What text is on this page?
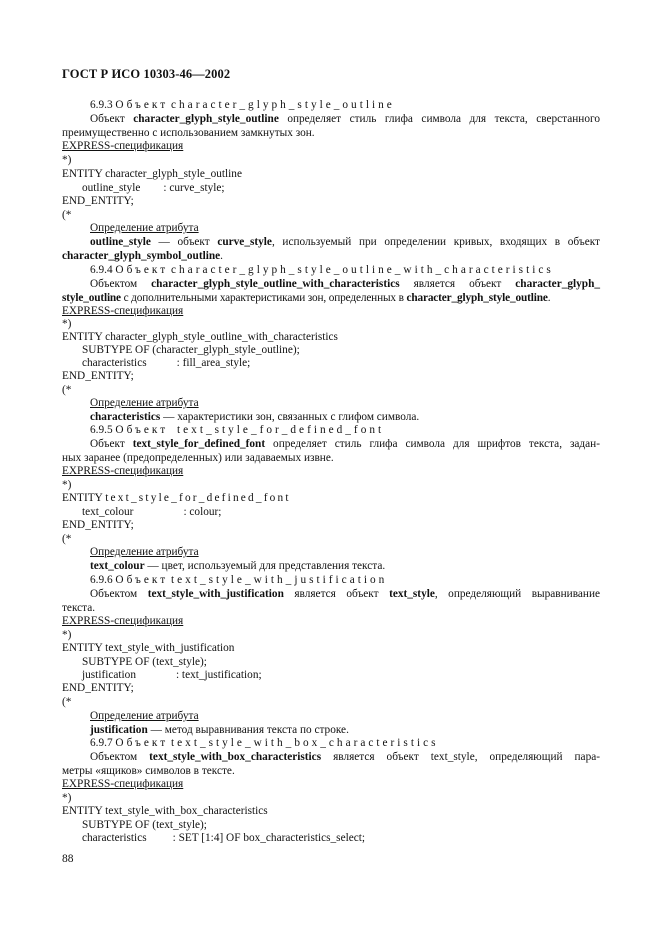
ГОСТ Р ИСО 10303-46—2002
6.9.3 Объект character_glyph_style_outline
Объект character_glyph_style_outline определяет стиль глифа символа для текста, сверстанного
преимущественно с использованием замкнутых зон.
EXPRESS-спецификация
*)
ENTITY character_glyph_style_outline
outline_style : curve_style;
END_ENTITY;
(*
Определение атрибута
outline_style — объект curve_style, используемый при определении кривых, входящих в объект
character_glyph_symbol_outline.
6.9.4 Объект character_glyph_style_outline_with_characteristics
Объектом character_glyph_style_outline_with_characteristics является объект character_glyph_
style_outline с дополнительными характеристиками зон, определенных в character_glyph_style_outline.
EXPRESS-спецификация
*)
ENTITY character_glyph_style_outline_with_characteristics
SUBTYPE OF (character_glyph_style_outline);
characteristics	: fill_area_style;
END_ENTITY;
(*
Определение атрибута
characteristics — характеристики зон, связанных с глифом символа.
6.9.5 Объект text_style_for_defined_font
Объект text_style_for_defined_font определяет стиль глифа символа для шрифтов текста, задан-
ных заранее (предопределенных) или задаваемых извне.
EXPRESS-спецификация
*)
ENTITY text_style_for_defined_font
text_colour	: colour;
END_ENTITY;
(*
Определение атрибута
text_colour — цвет, используемый для представления текста.
6.9.6 Объект text_style_with_justification
Объектом text_style_with_justification является объект text_style, определяющий выравнивание
текста.
EXPRESS-спецификация
*)
ENTITY text_style_with_justification
SUBTYPE OF (text_style);
justification	: text_justification;
END_ENTITY;
(*
Определение атрибута
justification — метод выравнивания текста по строке.
6.9.7 Объект text_style_with_box_characteristics
Объектом text_style_with_box_characteristics является объект text_style, определяющий пара-
метры «ящиков» символов в тексте.
EXPRESS-спецификация
*)
ENTITY text_style_with_box_characteristics
SUBTYPE OF (text_style);
characteristics : SET [1:4] OF box_characteristics_select;
88
